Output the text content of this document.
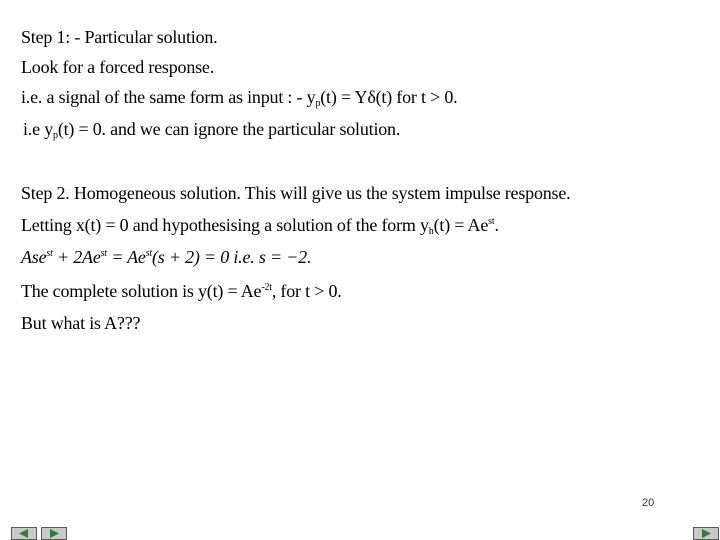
Step 1: - Particular solution.
Look for a forced response.
i.e. a signal of the same form as input : - $y_p(t) = Y\delta(t)$ for t > 0.
i.e $y_p(t) = 0$. and we can ignore the particular solution.
Step 2. Homogeneous solution. This will give us the system impulse response.
Letting x(t) = 0 and hypothesising a solution of the form $y_h(t) = Ae^{st}$.
$Ase^{st} + 2Ae^{st} = Ae^{st}(s + 2) = 0$ i.e. s = −2.
The complete solution is $y(t) = Ae^{-2t}$, for t > 0.
But what is A???
20
